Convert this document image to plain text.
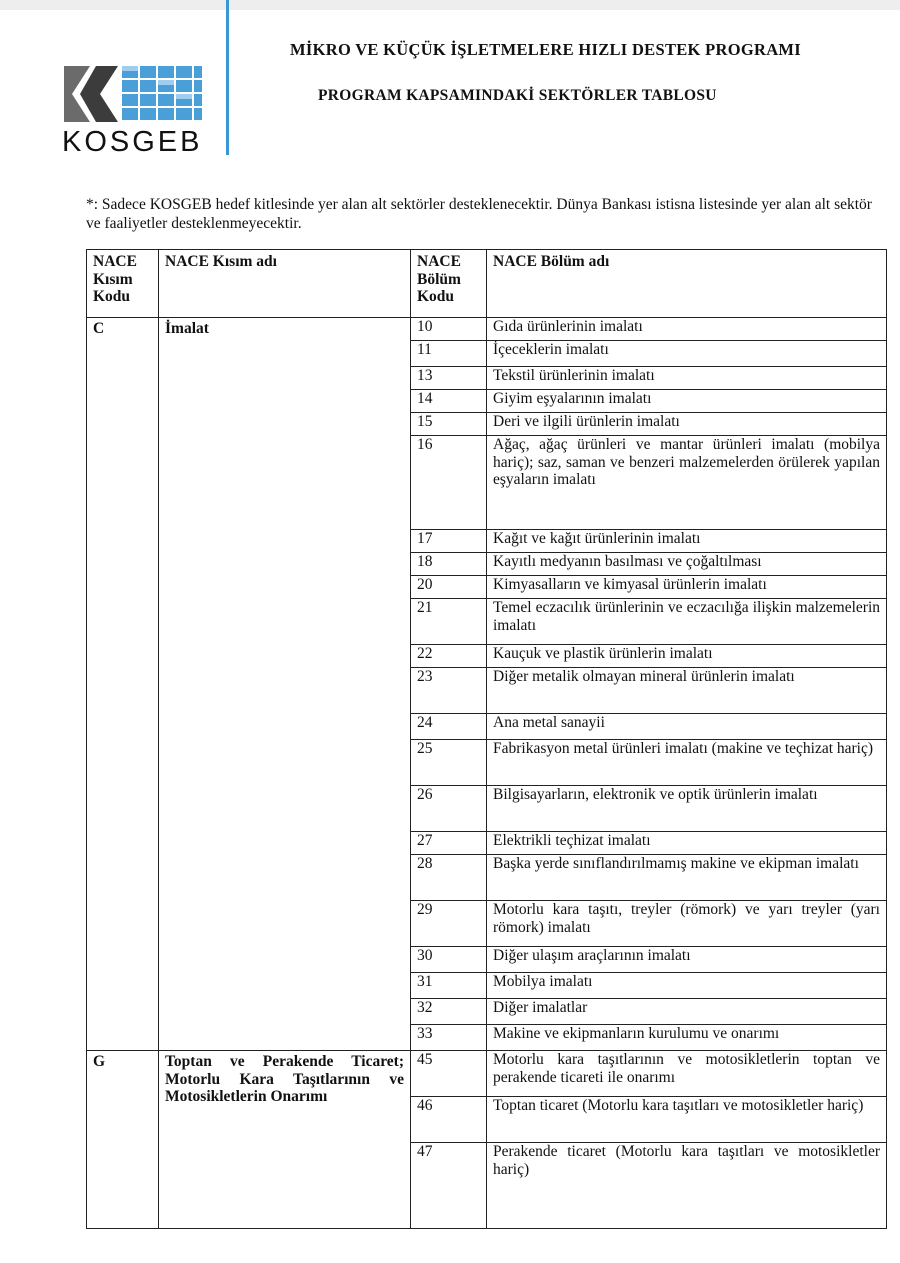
KOSGEB
MİKRO VE KÜÇÜK İŞLETMELERE HIZLI DESTEK PROGRAMI
PROGRAM KAPSAMINDAKİ SEKTÖRLER TABLOSU
*: Sadece KOSGEB hedef kitlesinde yer alan alt sektörler desteklenecektir. Dünya Bankası istisna listesinde yer alan alt sektör ve faaliyetler desteklenmeyecektir.
NACE Kısım Kodu	NACE Kısım adı	NACE Bölüm Kodu	NACE Bölüm adı
C	İmalat	10	Gıda ürünlerinin imalatı
		11	İçeceklerin imalatı
		13	Tekstil ürünlerinin imalatı
		14	Giyim eşyalarının imalatı
		15	Deri ve ilgili ürünlerin imalatı
		16	Ağaç, ağaç ürünleri ve mantar ürünleri imalatı (mobilya hariç); saz, saman ve benzeri malzemelerden örülerek yapılan eşyaların imalatı
		17	Kağıt ve kağıt ürünlerinin imalatı
		18	Kayıtlı medyanın basılması ve çoğaltılması
		20	Kimyasalların ve kimyasal ürünlerin imalatı
		21	Temel eczacılık ürünlerinin ve eczacılığa ilişkin malzemelerin imalatı
		22	Kauçuk ve plastik ürünlerin imalatı
		23	Diğer metalik olmayan mineral ürünlerin imalatı
		24	Ana metal sanayii
		25	Fabrikasyon metal ürünleri imalatı (makine ve teçhizat hariç)
		26	Bilgisayarların, elektronik ve optik ürünlerin imalatı
		27	Elektrikli teçhizat imalatı
		28	Başka yerde sınıflandırılmamış makine ve ekipman imalatı
		29	Motorlu kara taşıtı, treyler (römork) ve yarı treyler (yarı römork) imalatı
		30	Diğer ulaşım araçlarının imalatı
		31	Mobilya imalatı
		32	Diğer imalatlar
		33	Makine ve ekipmanların kurulumu ve onarımı
G	Toptan ve Perakende Ticaret; Motorlu Kara Taşıtlarının ve Motosikletlerin Onarımı	45	Motorlu kara taşıtlarının ve motosikletlerin toptan ve perakende ticareti ile onarımı
		46	Toptan ticaret (Motorlu kara taşıtları ve motosikletler hariç)
		47	Perakende ticaret (Motorlu kara taşıtları ve motosikletler hariç)
